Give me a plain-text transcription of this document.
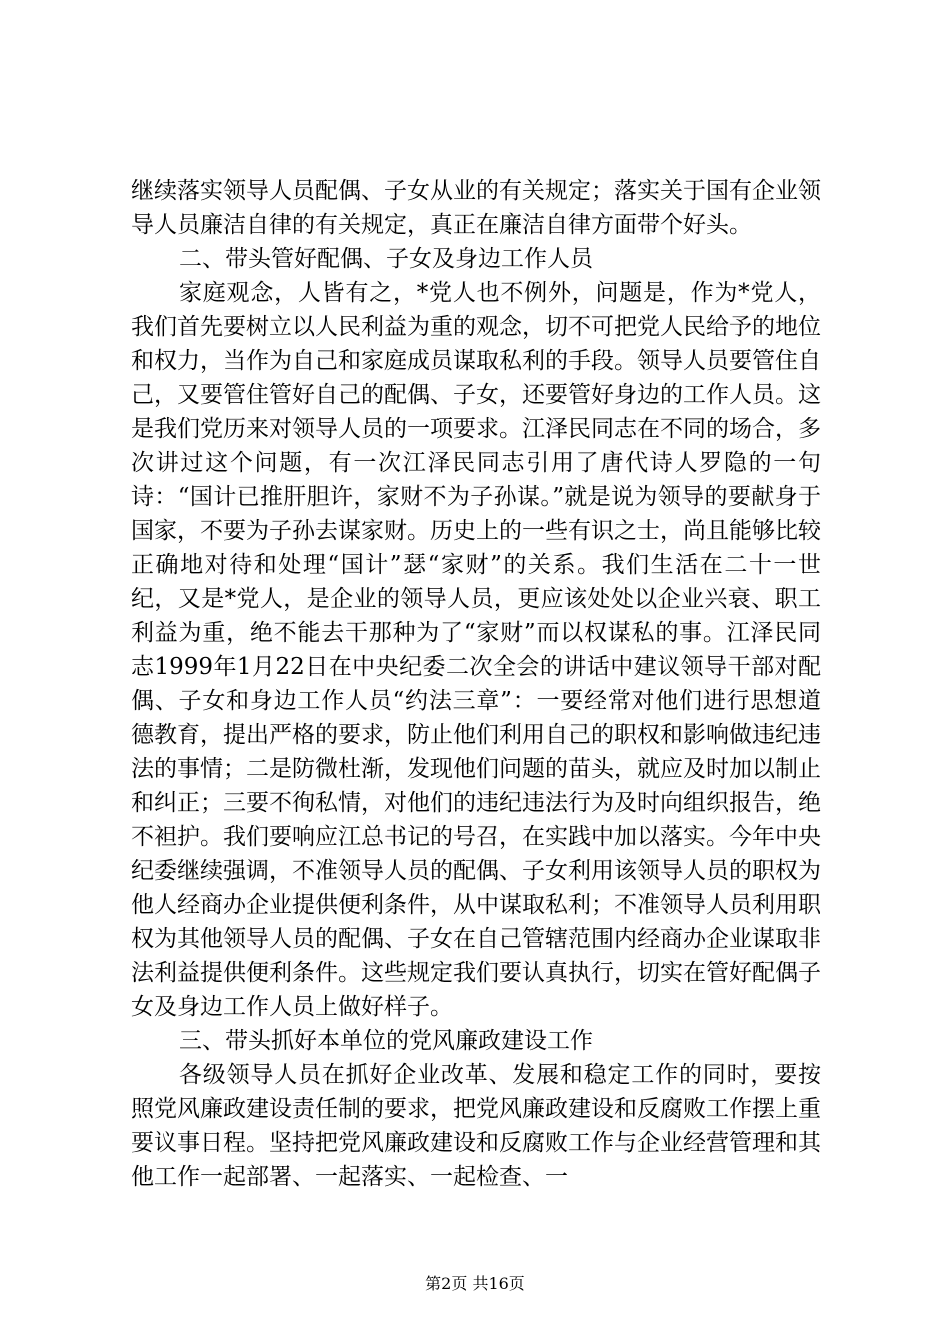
继续落实领导人员配偶、子女从业的有关规定；落实关于国有企业领导人员廉洁自律的有关规定，真正在廉洁自律方面带个好头。

二、带头管好配偶、子女及身边工作人员

家庭观念，人皆有之，*党人也不例外，问题是，作为*党人，我们首先要树立以人民利益为重的观念，切不可把党人民给予的地位和权力，当作为自己和家庭成员谋取私利的手段。领导人员要管住自己，又要管住管好自己的配偶、子女，还要管好身边的工作人员。这是我们党历来对领导人员的一项要求。江泽民同志在不同的场合，多次讲过这个问题，有一次江泽民同志引用了唐代诗人罗隐的一句诗：“国计已推肝胆许，家财不为子孙谋。”就是说为领导的要献身于国家，不要为子孙去谋家财。历史上的一些有识之士，尚且能够比较正确地对待和处理“国计”瑟“家财”的关系。我们生活在二十一世纪，又是*党人，是企业的领导人员，更应该处处以企业兴衰、职工利益为重，绝不能去干那种为了“家财”而以权谋私的事。江泽民同志1999年1月22日在中央纪委二次全会的讲话中建议领导干部对配偶、子女和身边工作人员“约法三章”：一要经常对他们进行思想道德教育，提出严格的要求，防止他们利用自己的职权和影响做违纪违法的事情；二是防微杜渐，发现他们问题的苗头，就应及时加以制止和纠正；三要不徇私情，对他们的违纪违法行为及时向组织报告，绝不袒护。我们要响应江总书记的号召，在实践中加以落实。今年中央纪委继续强调，不准领导人员的配偶、子女利用该领导人员的职权为他人经商办企业提供便利条件，从中谋取私利；不准领导人员利用职权为其他领导人员的配偶、子女在自己管辖范围内经商办企业谋取非法利益提供便利条件。这些规定我们要认真执行，切实在管好配偶子女及身边工作人员上做好样子。

三、带头抓好本单位的党风廉政建设工作

各级领导人员在抓好企业改革、发展和稳定工作的同时，要按照党风廉政建设责任制的要求，把党风廉政建设和反腐败工作摆上重要议事日程。坚持把党风廉政建设和反腐败工作与企业经营管理和其他工作一起部署、一起落实、一起检查、一

第2页 共16页
